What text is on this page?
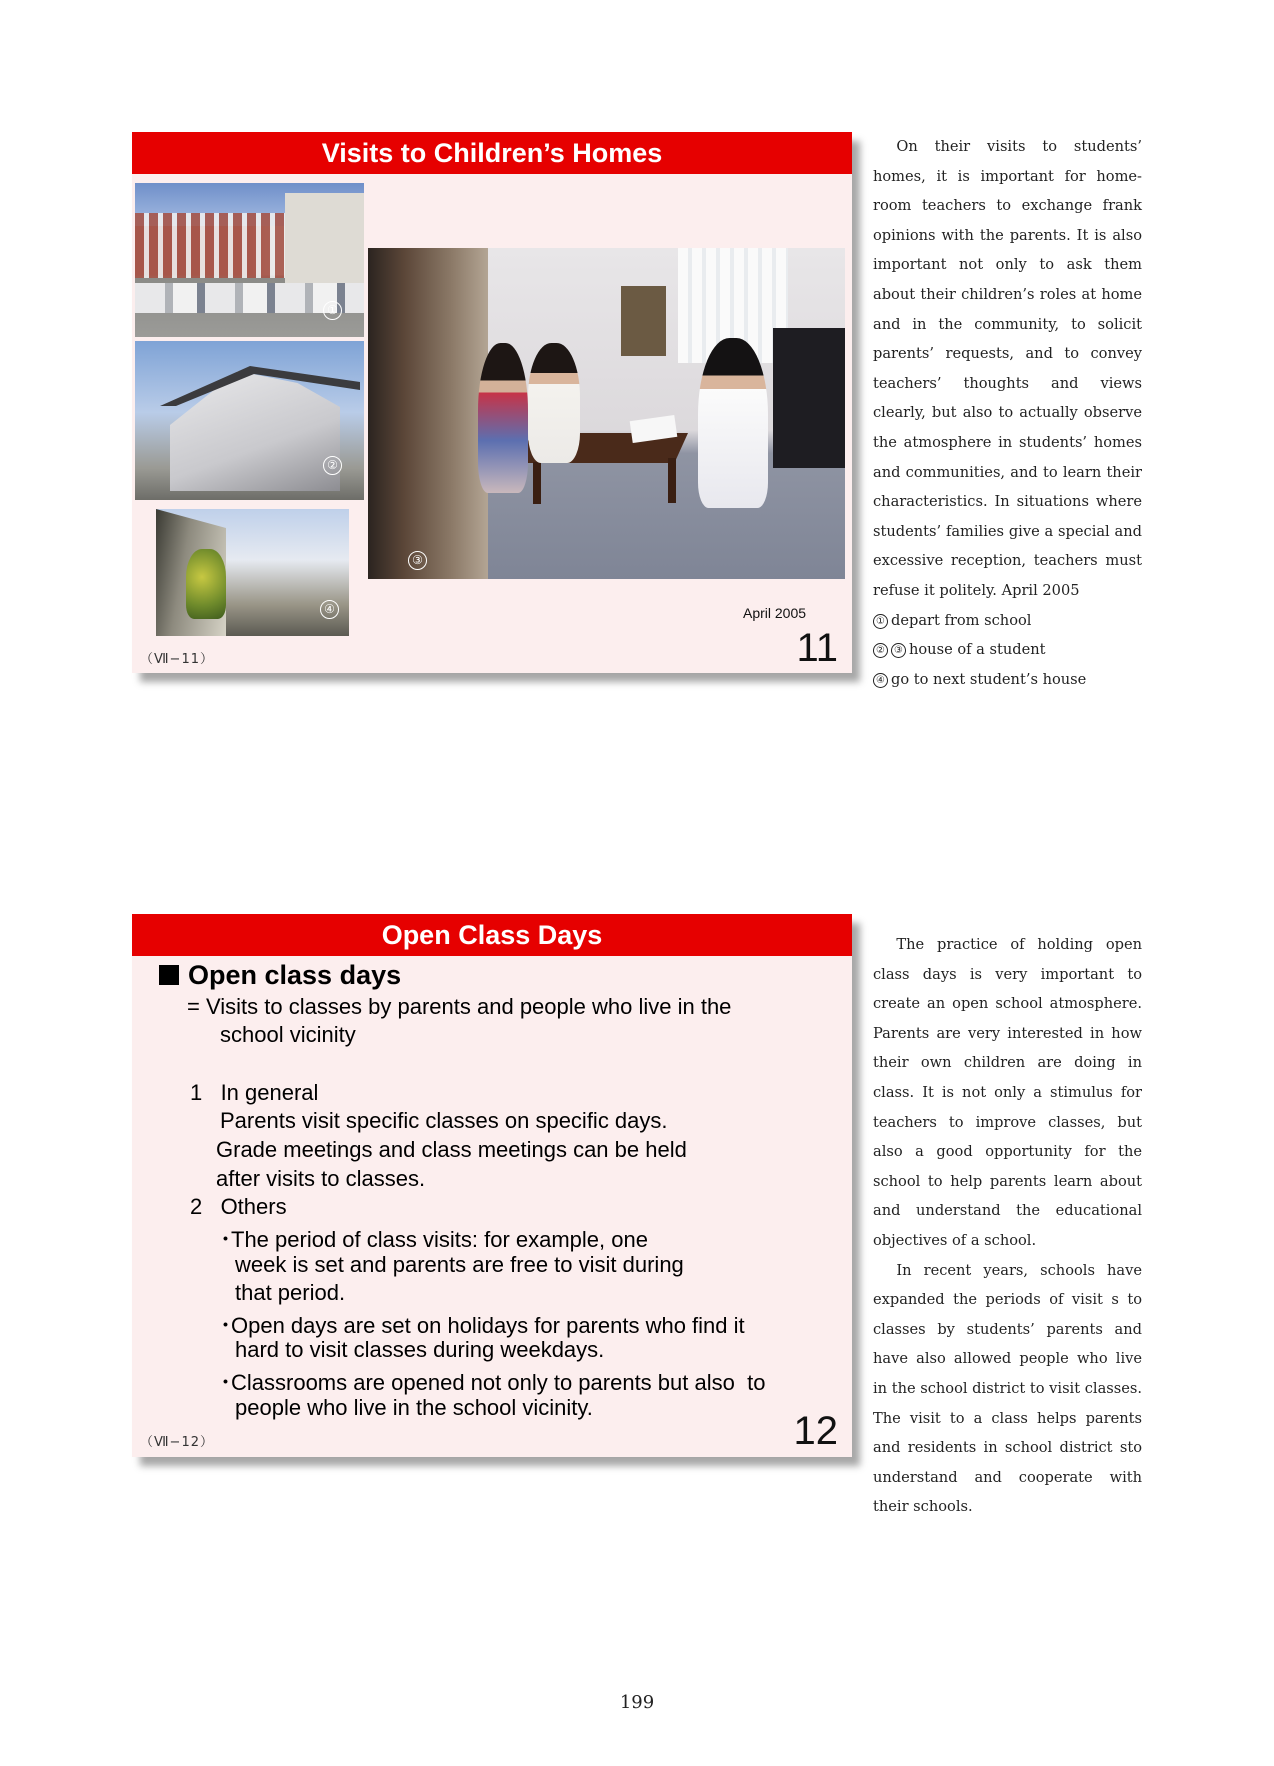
Visits to Children’s Homes
①
②
④
③
April 2005
（Ⅶ−11）	11

On their visits to students’ homes, it is important for home-room teachers to exchange frank opinions with the parents. It is also important not only to ask them about their children’s roles at home and in the community, to solicit parents’ requests, and to convey teachers’ thoughts and views clearly, but also to actually observe the atmosphere in students’ homes and communities, and to learn their characteristics. In situations where students’ families give a special and excessive reception, teachers must refuse it politely. April 2005

① depart from school
② ③ house of a student
④ go to next student’s house
Open Class Days
Open class days
= Visits to classes by parents and people who live in the
school vicinity
1   In general
Parents visit specific classes on specific days.
Grade meetings and class meetings can be held
after visits to classes.
2   Others
･The period of class visits: for example, one
week is set and parents are free to visit during
that period.
･Open days are set on holidays for parents who find it
hard to visit classes during weekdays.
･Classrooms are opened not only to parents but also  to
people who live in the school vicinity.
（Ⅶ−12）	12

The practice of holding open class days is very important to create an open school atmosphere. Parents are very interested in how their own children are doing in class. It is not only a stimulus for teachers to improve classes, but also a good opportunity for the school to help parents learn about and understand the educational objectives of a school.

In recent years, schools have expanded the periods of visit s to classes by students’ parents and have also allowed people who live in the school district to visit classes. The visit to a class helps parents and residents in school district sto understand and cooperate with their schools.

199
